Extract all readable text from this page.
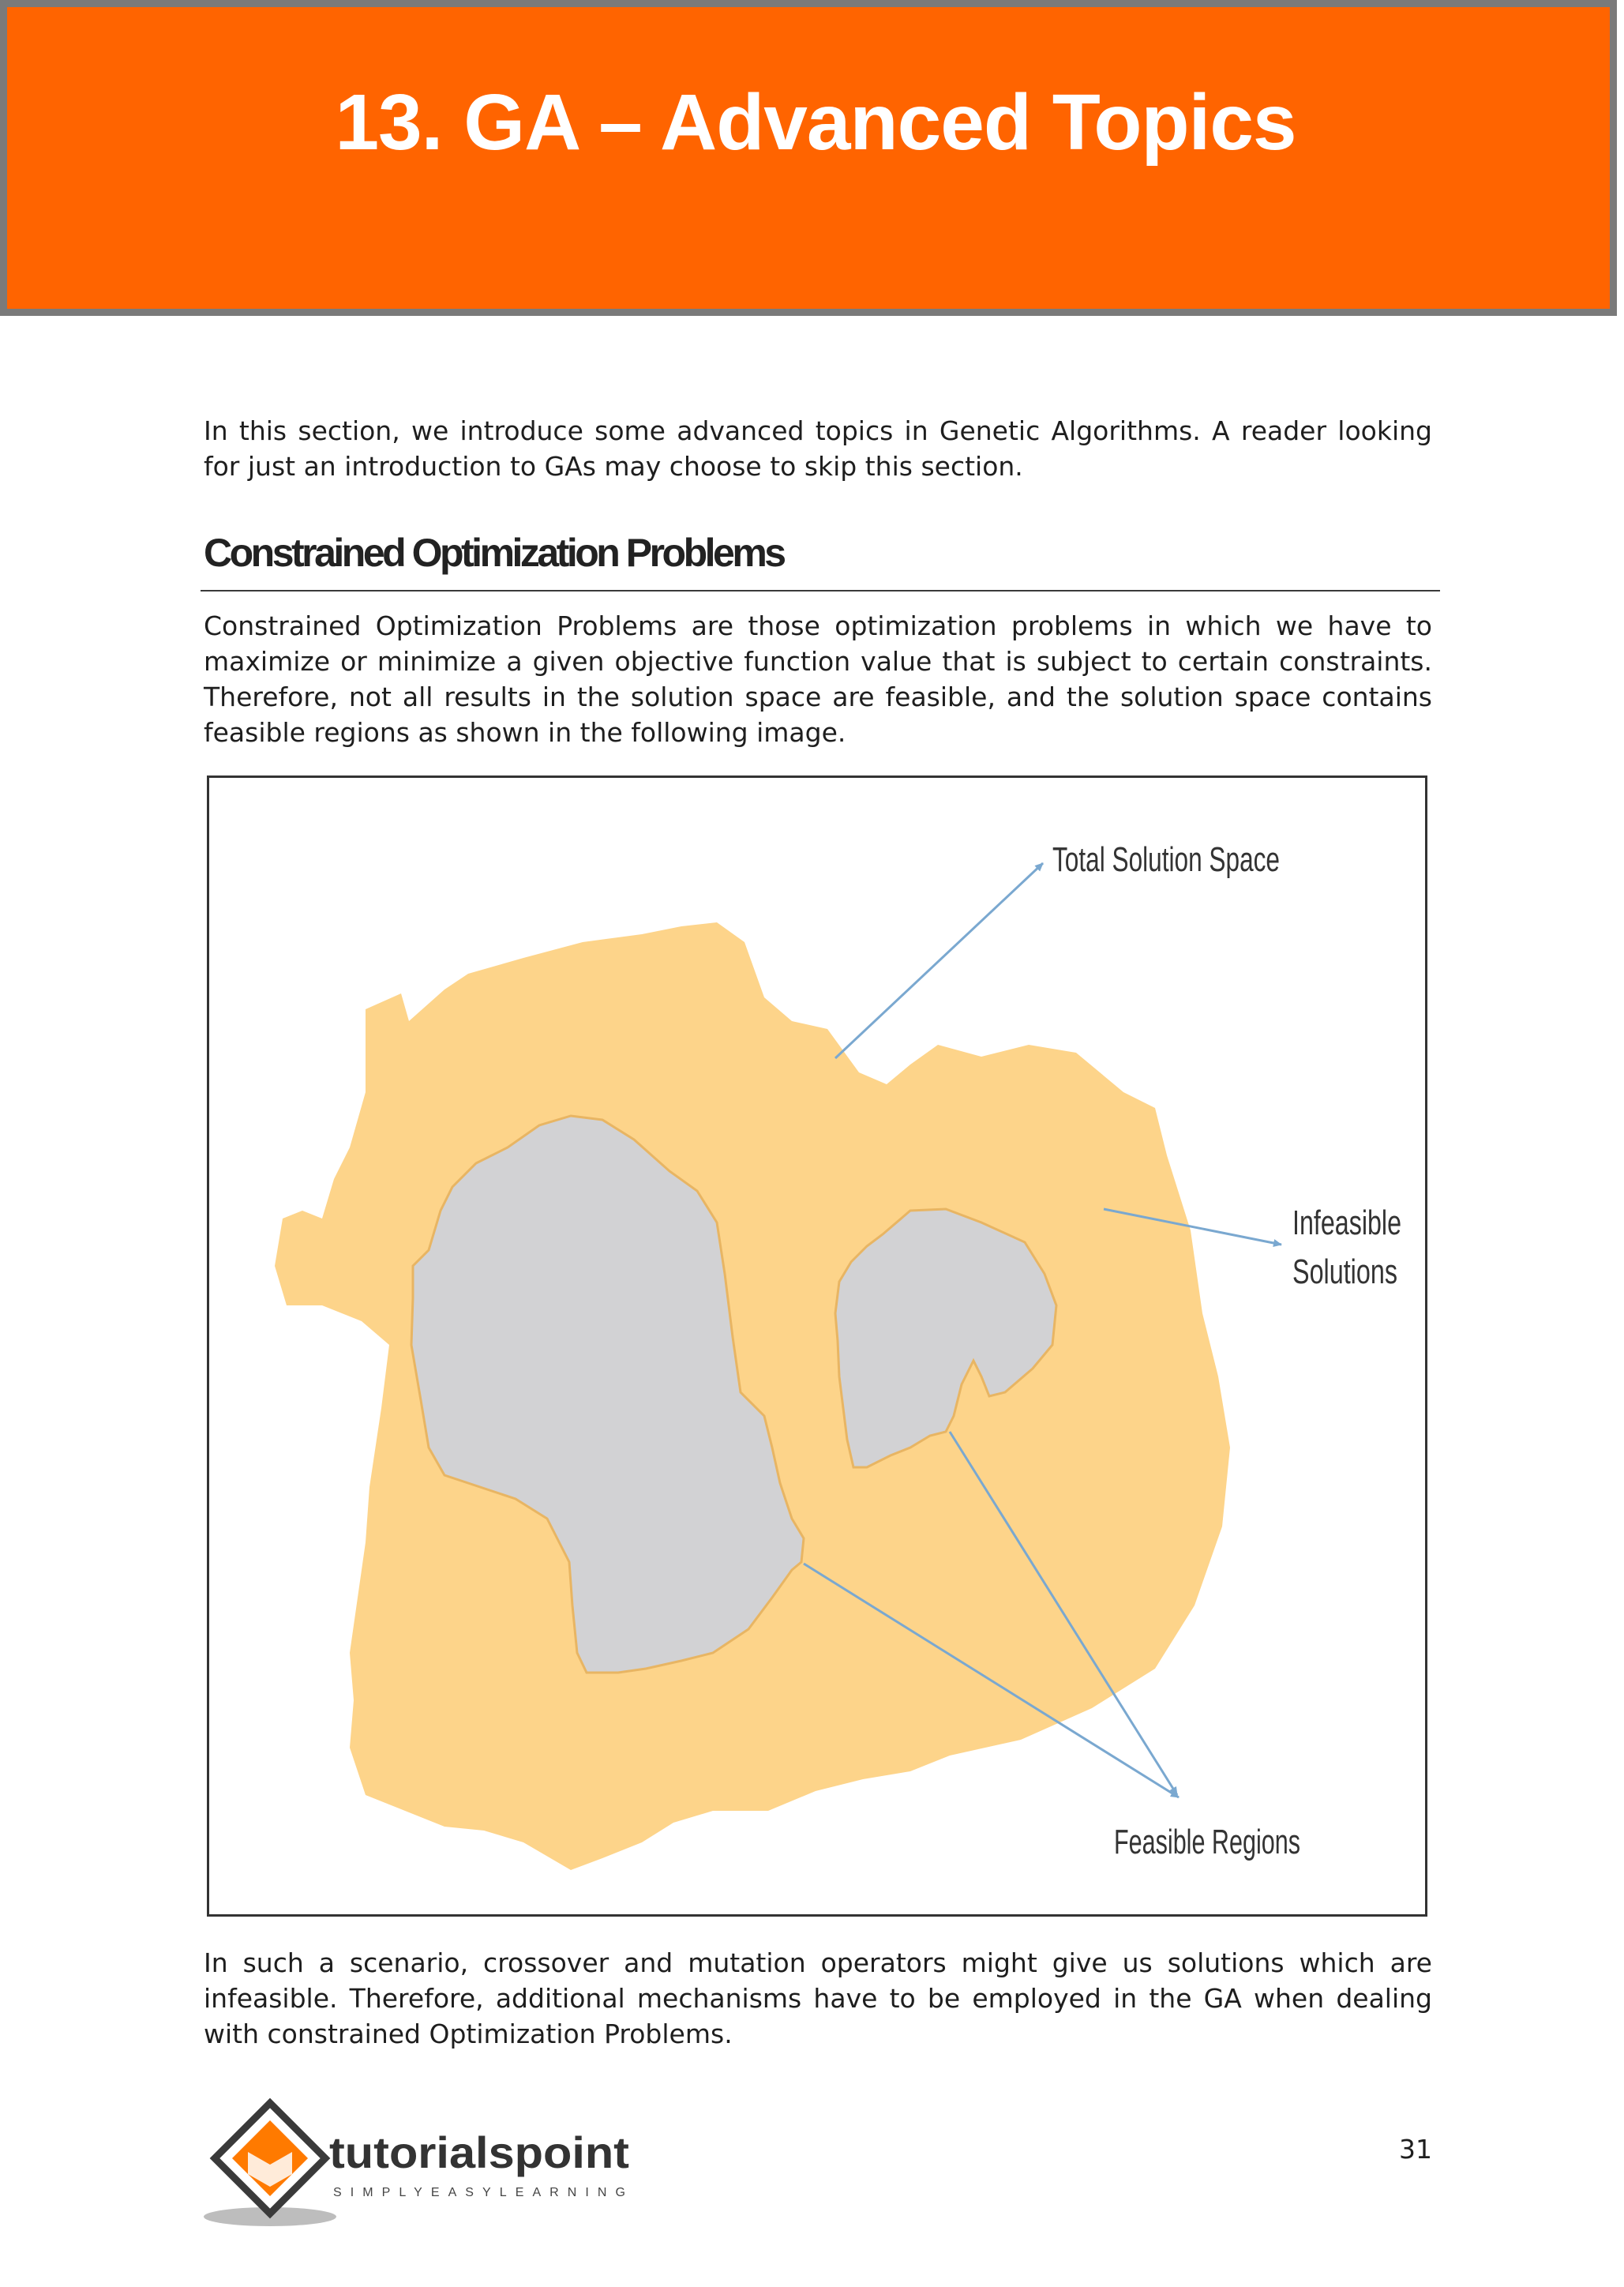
13. GA – Advanced Topics

In this section, we introduce some advanced topics in Genetic Algorithms. A reader looking for just an introduction to GAs may choose to skip this section.

Constrained Optimization Problems

Constrained Optimization Problems are those optimization problems in which we have to maximize or minimize a given objective function value that is subject to certain constraints. Therefore, not all results in the solution space are feasible, and the solution space contains feasible regions as shown in the following image.

Total Solution Space
Infeasible
Solutions
Feasible Regions

In such a scenario, crossover and mutation operators might give us solutions which are infeasible. Therefore, additional mechanisms have to be employed in the GA when dealing with constrained Optimization Problems.

tutorialspoint
SIMPLYEASYLEARNING

31
